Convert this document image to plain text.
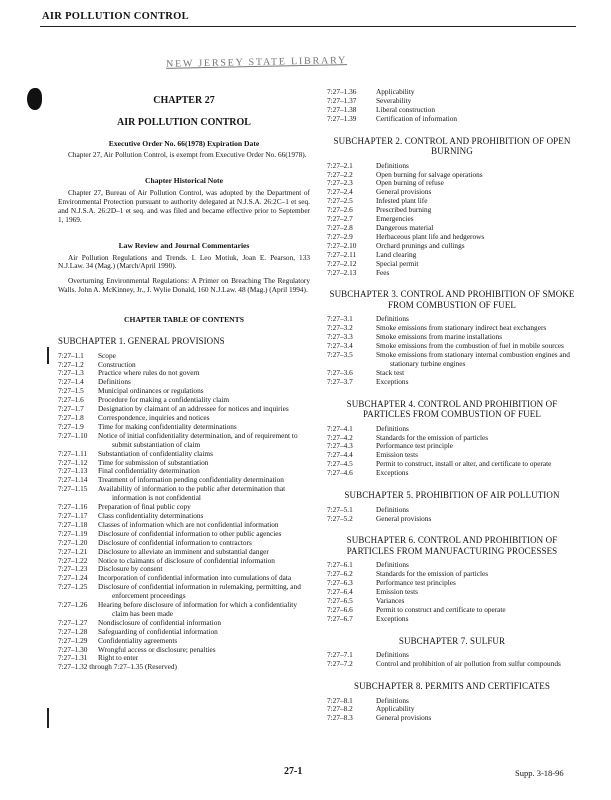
AIR POLLUTION CONTROL
NEW JERSEY STATE LIBRARY
CHAPTER 27
AIR POLLUTION CONTROL
Executive Order No. 66(1978) Expiration Date

Chapter 27, Air Pollution Control, is exempt from Executive Order No. 66(1978).

Chapter Historical Note

Chapter 27, Bureau of Air Pollution Control, was adopted by the Department of Environmental Protection pursuant to authority delegated at N.J.S.A. 26:2C–1 et seq. and N.J.S.A. 26:2D–1 et seq. and was filed and became effective prior to September 1, 1969.

Law Review and Journal Commentaries

Air Pollution Regulations and Trends. I. Leo Motiuk, Joan E. Pearson, 133 N.J.Law. 34 (Mag.) (March/April 1990).

Overturning Environmental Regulations: A Primer on Breaching The Regulatory Walls. John A. McKinney, Jr., J. Wylie Donald, 160 N.J.Law. 48 (Mag.) (April 1994).

CHAPTER TABLE OF CONTENTS
SUBCHAPTER 1. GENERAL PROVISIONS
7:27–1.1	Scope
7:27–1.2	Construction
7:27–1.3	Practice where rules do not govern
7:27–1.4	Definitions
7:27–1.5	Municipal ordinances or regulations
7:27–1.6	Procedure for making a confidentiality claim
7:27–1.7	Designation by claimant of an addressee for notices and inquiries
7:27–1.8	Correspondence, inquiries and notices
7:27–1.9	Time for making confidentiality determinations
7:27–1.10	Notice of initial confidentiality determination, and of requirement to submit substantiation of claim
7:27–1.11	Substantiation of confidentiality claims
7:27–1.12	Time for submission of substantiation
7:27–1.13	Final confidentiality determination
7:27–1.14	Treatment of information pending confidentiality determination
7:27–1.15	Availability of information to the public after determination that information is not confidential
7:27–1.16	Preparation of final public copy
7:27–1.17	Class confidentiality determinations
7:27–1.18	Classes of information which are not confidential information
7:27–1.19	Disclosure of confidential information to other public agencies
7:27–1.20	Disclosure of confidential information to contractors
7:27–1.21	Disclosure to alleviate an imminent and substantial danger
7:27–1.22	Notice to claimants of disclosure of confidential information
7:27–1.23	Disclosure by consent
7:27–1.24	Incorporation of confidential information into cumulations of data
7:27–1.25	Disclosure of confidential information in rulemaking, permitting, and enforcement proceedings
7:27–1.26	Hearing before disclosure of information for which a confidentiality claim has been made
7:27–1.27	Nondisclosure of confidential information
7:27–1.28	Safeguarding of confidential information
7:27–1.29	Confidentiality agreements
7:27–1.30	Wrongful access or disclosure; penalties
7:27–1.31	Right to enter
7:27–1.32 through 7:27–1.35 (Reserved)
7:27–1.36	Applicability
7:27–1.37	Severability
7:27–1.38	Liberal construction
7:27–1.39	Certification of information
SUBCHAPTER 2. CONTROL AND PROHIBITION OF OPEN BURNING
7:27–2.1	Definitions
7:27–2.2	Open burning for salvage operations
7:27–2.3	Open burning of refuse
7:27–2.4	General provisions
7:27–2.5	Infested plant life
7:27–2.6	Prescribed burning
7:27–2.7	Emergencies
7:27–2.8	Dangerous material
7:27–2.9	Herbaceous plant life and hedgerows
7:27–2.10	Orchard prunings and cullings
7:27–2.11	Land clearing
7:27–2.12	Special permit
7:27–2.13	Fees
SUBCHAPTER 3. CONTROL AND PROHIBITION OF SMOKE FROM COMBUSTION OF FUEL
7:27–3.1	Definitions
7:27–3.2	Smoke emissions from stationary indirect heat exchangers
7:27–3.3	Smoke emissions from marine installations
7:27–3.4	Smoke emissions from the combustion of fuel in mobile sources
7:27–3.5	Smoke emissions from stationary internal combustion engines and stationary turbine engines
7:27–3.6	Stack test
7:27–3.7	Exceptions
SUBCHAPTER 4. CONTROL AND PROHIBITION OF PARTICLES FROM COMBUSTION OF FUEL
7:27–4.1	Definitions
7:27–4.2	Standards for the emission of particles
7:27–4.3	Performance test principle
7:27–4.4	Emission tests
7:27–4.5	Permit to construct, install or alter, and certificate to operate
7:27–4.6	Exceptions
SUBCHAPTER 5. PROHIBITION OF AIR POLLUTION
7:27–5.1	Definitions
7:27–5.2	General provisions
SUBCHAPTER 6. CONTROL AND PROHIBITION OF PARTICLES FROM MANUFACTURING PROCESSES
7:27–6.1	Definitions
7:27–6.2	Standards for the emission of particles
7:27–6.3	Performance test principles
7:27–6.4	Emission tests
7:27–6.5	Variances
7:27–6.6	Permit to construct and certificate to operate
7:27–6.7	Exceptions
SUBCHAPTER 7. SULFUR
7:27–7.1	Definitions
7:27–7.2	Control and prohibition of air pollution from sulfur compounds
SUBCHAPTER 8. PERMITS AND CERTIFICATES
7:27–8.1	Definitions
7:27–8.2	Applicability
7:27–8.3	General provisions
27-1	Supp. 3-18-96
